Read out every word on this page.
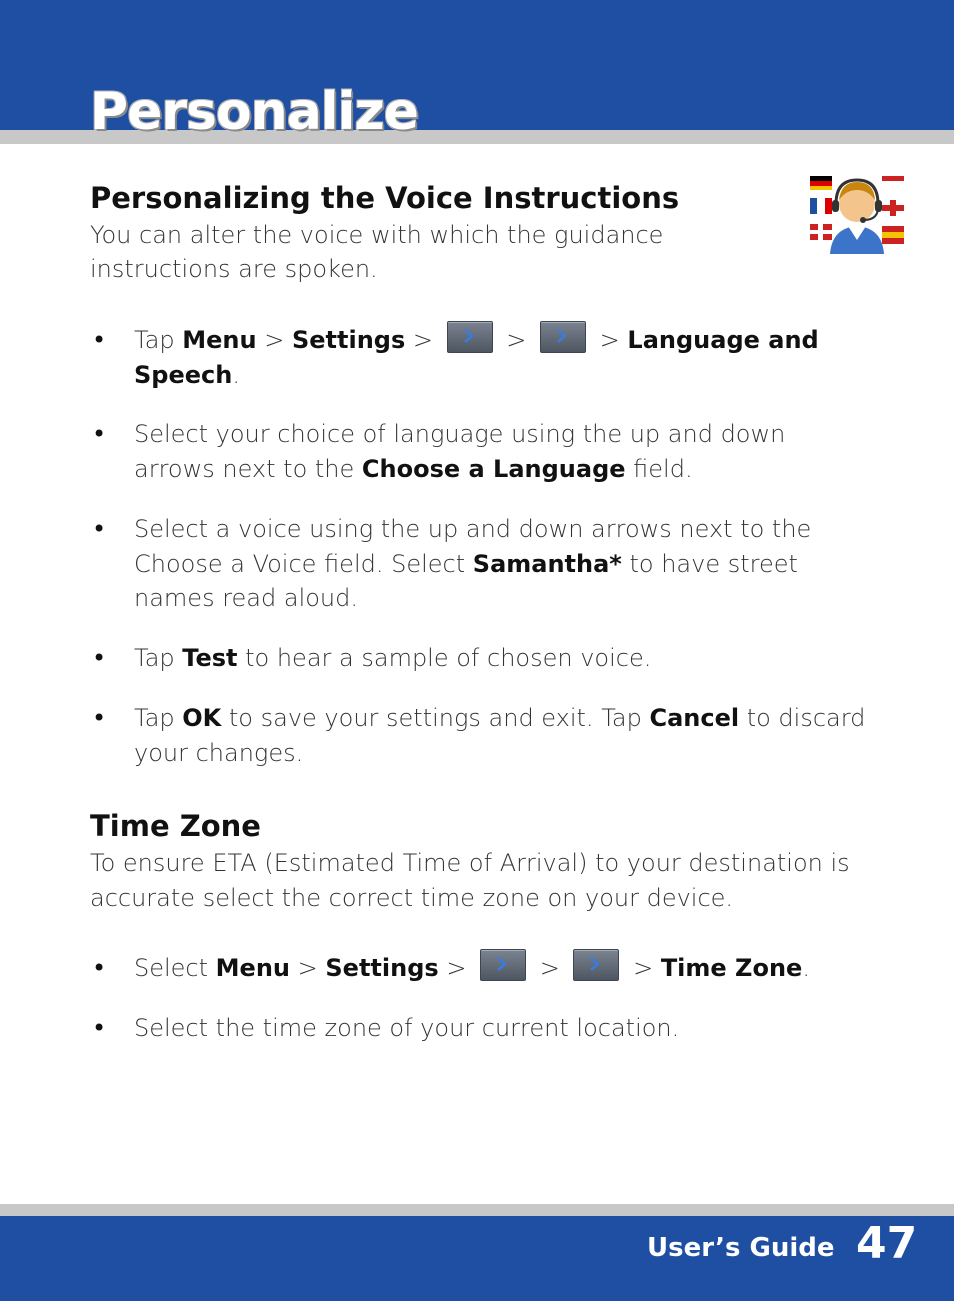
Personalize
Personalizing the Voice Instructions

You can alter the voice with which the guidance

instructions are spoken.

• Tap Menu > Settings >
>
> Language and
Speech.
• Select your choice of language using the up and down
arrows next to the Choose a Language field.
• Select a voice using the up and down arrows next to the
Choose a Voice field. Select Samantha* to have street
names read aloud.
• Tap Test to hear a sample of chosen voice.
• Tap OK to save your settings and exit. Tap Cancel to discard
your changes.
Time Zone

To ensure ETA (Estimated Time of Arrival) to your destination is

accurate select the correct time zone on your device.

• Select Menu > Settings >
>
> Time Zone.
• Select the time zone of your current location.
User’s Guide 47
